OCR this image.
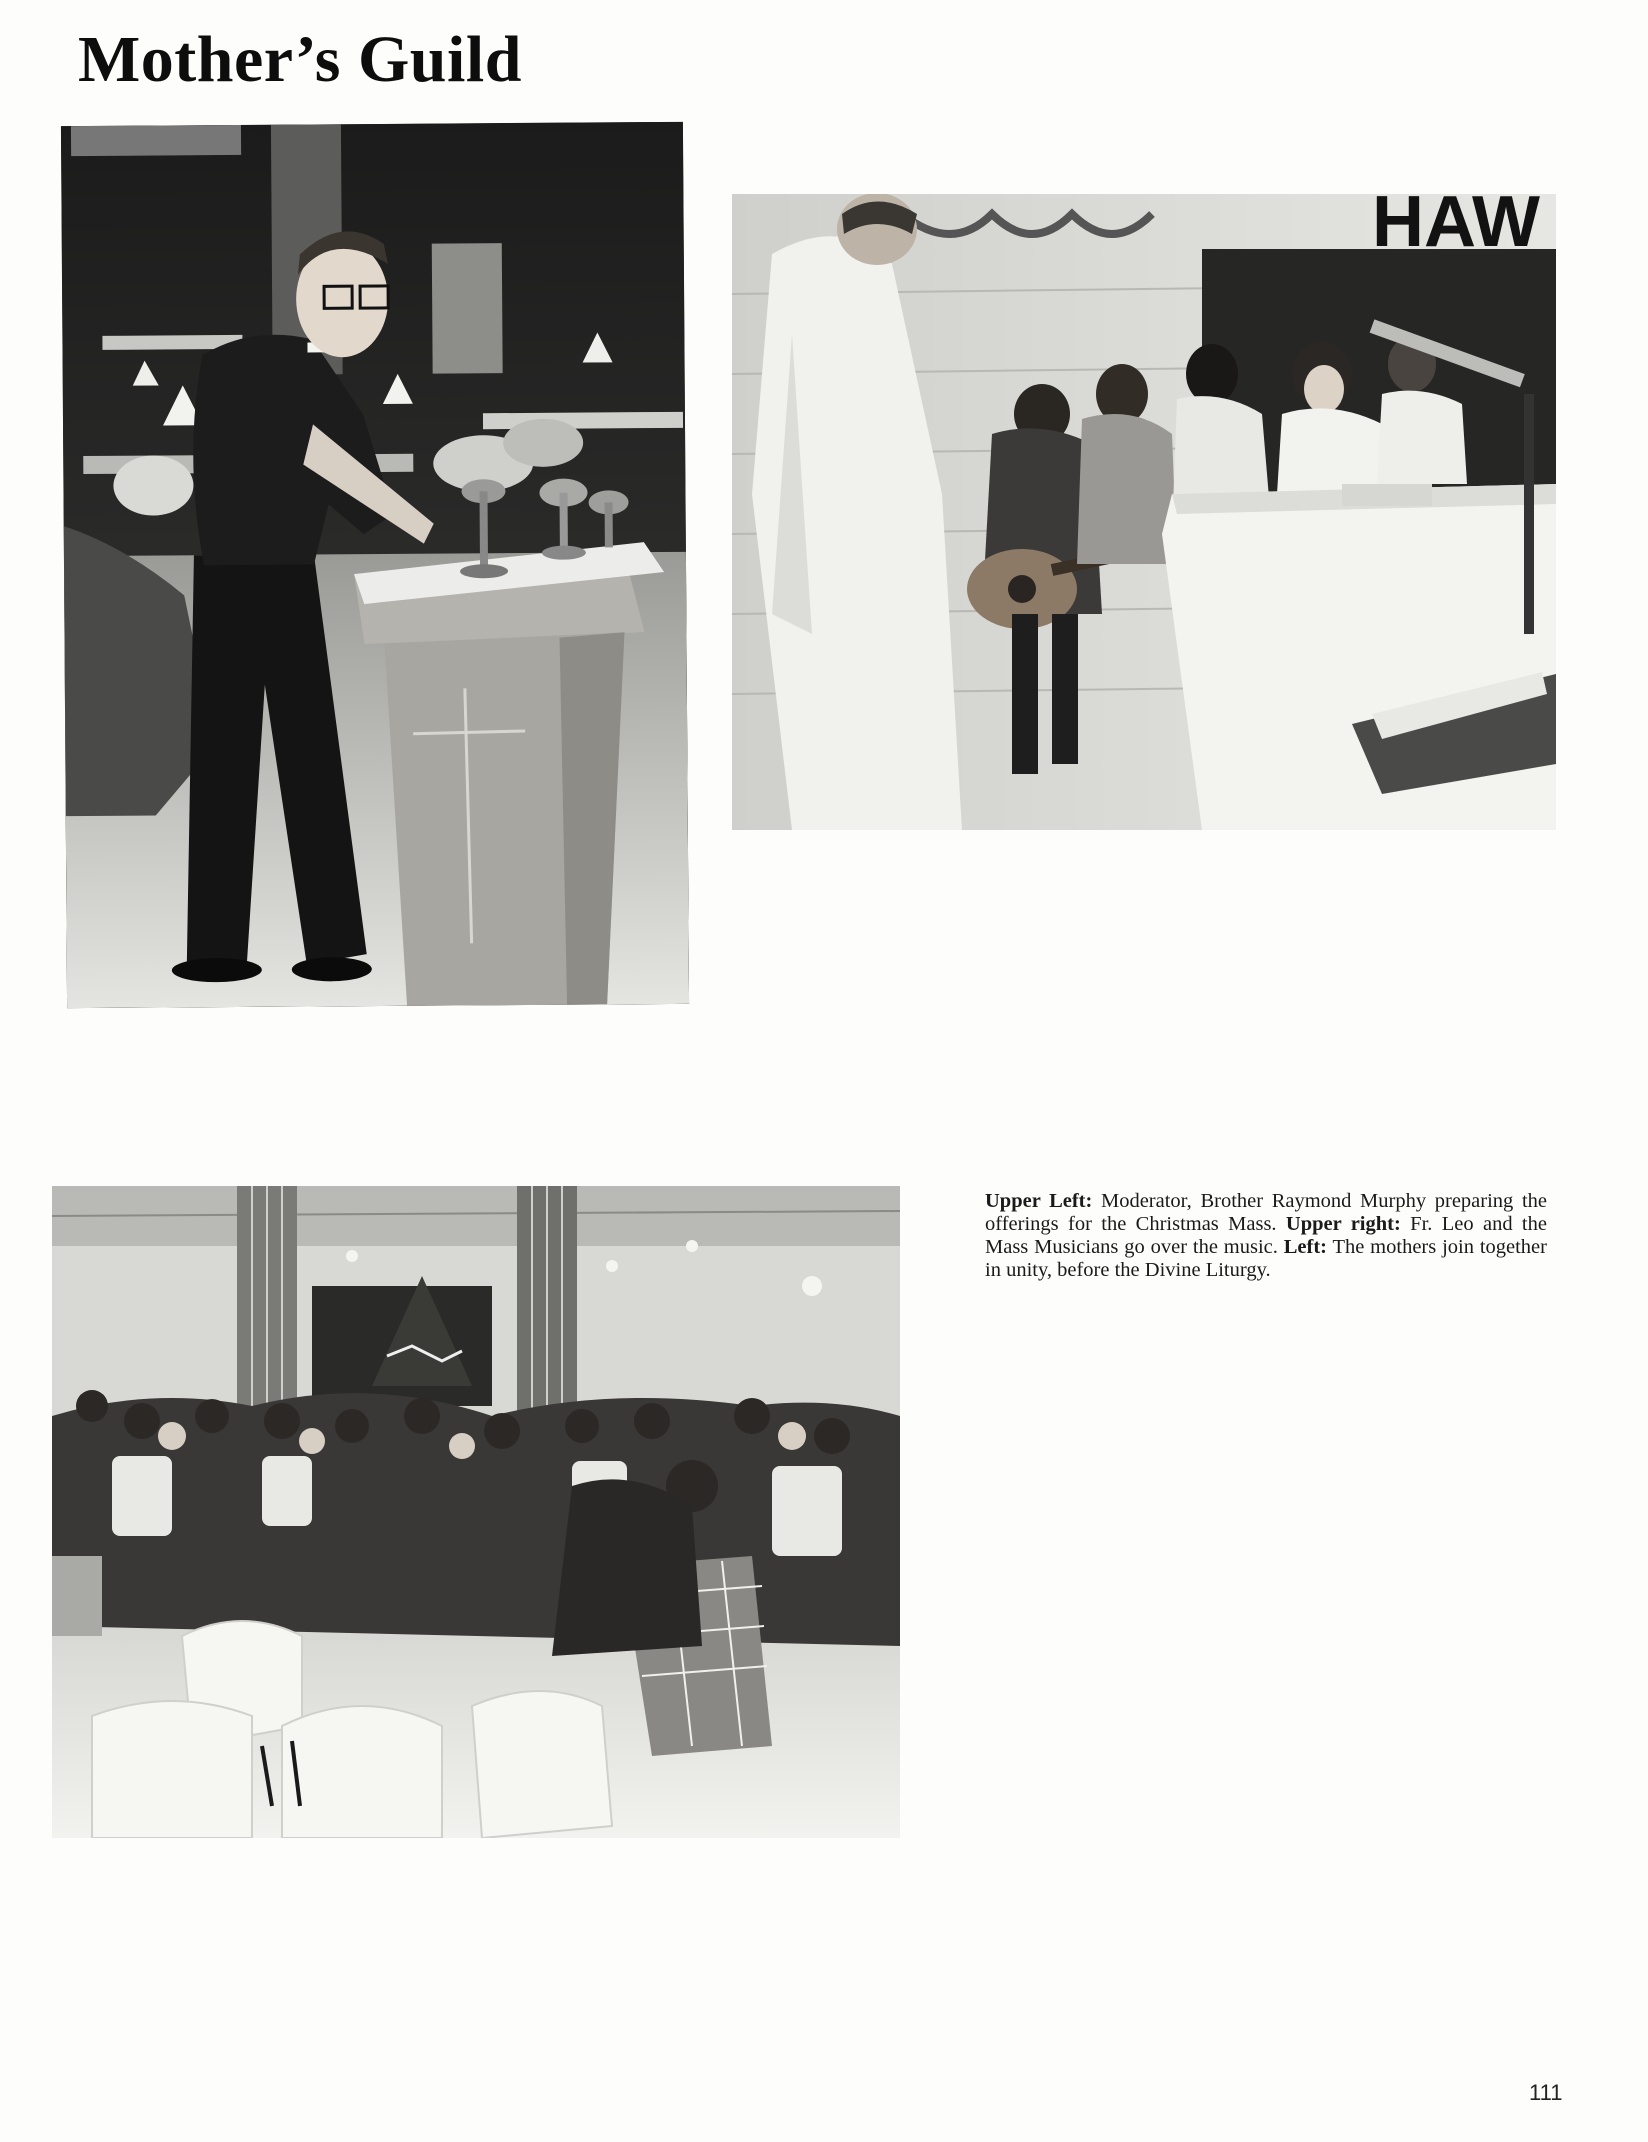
Mother’s Guild
HAW

Upper Left: Moderator, Brother Raymond Murphy preparing the offerings for the Christmas Mass. Upper right: Fr. Leo and the Mass Musicians go over the music. Left: The mothers join together in unity, before the Divine Liturgy.

111
